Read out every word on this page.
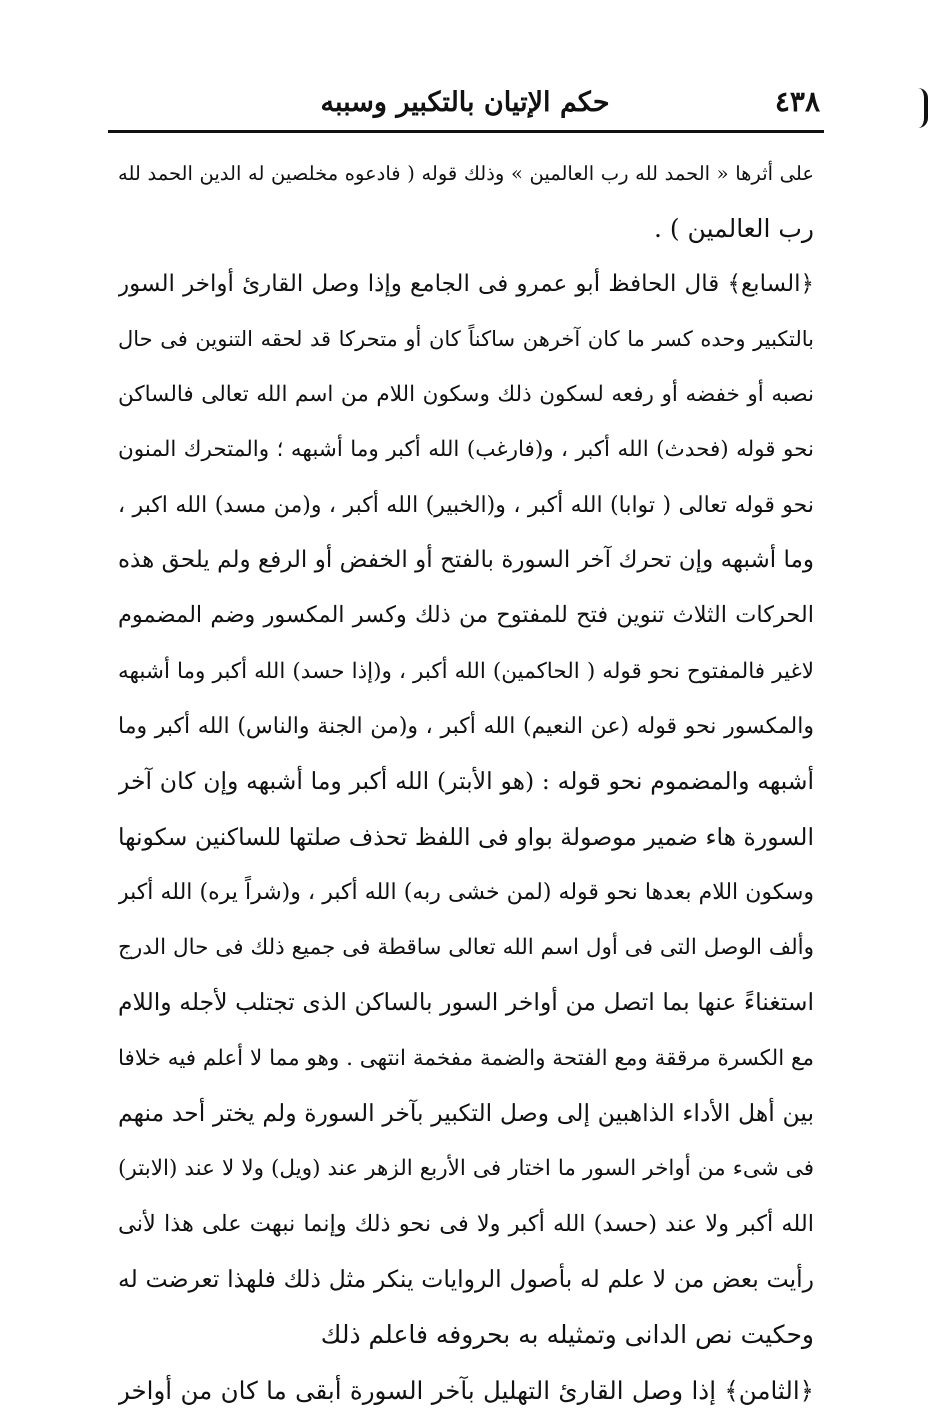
حكم الإتيان بالتكبير وسببه	٤٣٨
على أثرها « الحمد لله رب العالمين » وذلك قوله ( فادعوه مخلصين له الدين الحمد لله
رب العالمين ) .
﴿السابع﴾ قال الحافظ أبو عمرو فى الجامع وإذا وصل القارئ أواخر السور
بالتكبير وحده كسر ما كان آخرهن ساكناً كان أو متحركا قد لحقه التنوين فى حال
نصبه أو خفضه أو رفعه لسكون ذلك وسكون اللام من اسم الله تعالى فالساكن
نحو قوله (فحدث) الله أكبر ، و(فارغب) الله أكبر وما أشبهه ؛ والمتحرك المنون
نحو قوله تعالى ( توابا) الله أكبر ، و(الخبير) الله أكبر ، و(من مسد) الله اكبر ،
وما أشبهه وإن تحرك آخر السورة بالفتح أو الخفض أو الرفع ولم يلحق هذه
الحركات الثلاث تنوين فتح للمفتوح من ذلك وكسر المكسور وضم المضموم
لاغير فالمفتوح نحو قوله ( الحاكمين) الله أكبر ، و(إذا حسد) الله أكبر وما أشبهه
والمكسور نحو قوله (عن النعيم) الله أكبر ، و(من الجنة والناس) الله أكبر وما
أشبهه والمضموم نحو قوله : (هو الأبتر) الله أكبر وما أشبهه وإن كان آخر
السورة هاء ضمير موصولة بواو فى اللفظ تحذف صلتها للساكنين سكونها
وسكون اللام بعدها نحو قوله (لمن خشى ربه) الله أكبر ، و(شراً يره) الله أكبر
وألف الوصل التى فى أول اسم الله تعالى ساقطة فى جميع ذلك فى حال الدرج
استغناءً عنها بما اتصل من أواخر السور بالساكن الذى تجتلب لأجله واللام
مع الكسرة مرققة ومع الفتحة والضمة مفخمة انتهى . وهو مما لا أعلم فيه خلافا
بين أهل الأداء الذاهبين إلى وصل التكبير بآخر السورة ولم يختر أحد منهم
فى شىء من أواخر السور ما اختار فى الأربع الزهر عند (ويل) ولا لا عند (الابتر)
الله أكبر ولا عند (حسد) الله أكبر ولا فى نحو ذلك وإنما نبهت على هذا لأنى
رأيت بعض من لا علم له بأصول الروايات ينكر مثل ذلك فلهذا تعرضت له
وحكيت نص الدانى وتمثيله به بحروفه فاعلم ذلك
﴿الثامن﴾ إذا وصل القارئ التهليل بآخر السورة أبقى ما كان من أواخر
